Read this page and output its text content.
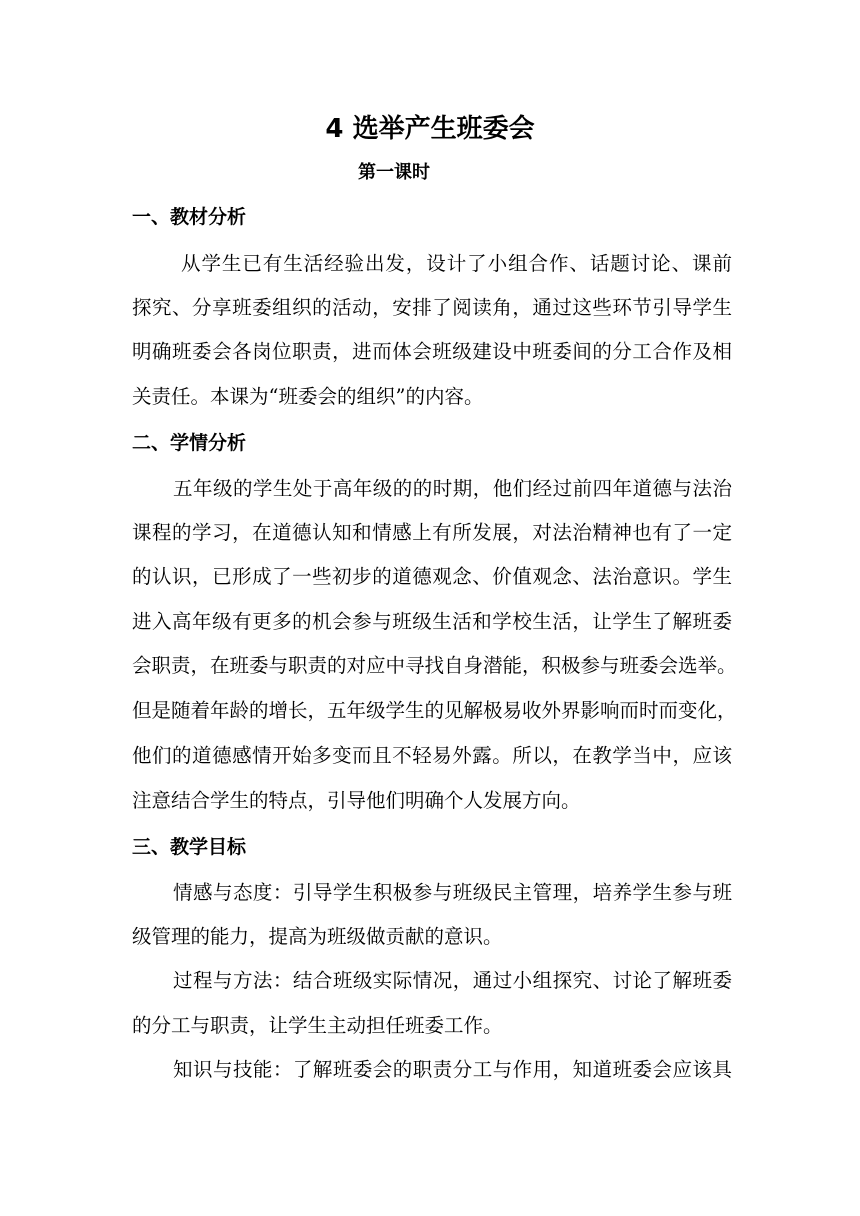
4 选举产生班委会
第一课时
一、教材分析
从学生已有生活经验出发，设计了小组合作、话题讨论、课前
探究、分享班委组织的活动，安排了阅读角，通过这些环节引导学生
明确班委会各岗位职责，进而体会班级建设中班委间的分工合作及相
关责任。本课为“班委会的组织”的内容。
二、学情分析
五年级的学生处于高年级的的时期，他们经过前四年道德与法治
课程的学习，在道德认知和情感上有所发展，对法治精神也有了一定
的认识，已形成了一些初步的道德观念、价值观念、法治意识。学生
进入高年级有更多的机会参与班级生活和学校生活，让学生了解班委
会职责，在班委与职责的对应中寻找自身潜能，积极参与班委会选举。
但是随着年龄的增长，五年级学生的见解极易收外界影响而时而变化，
他们的道德感情开始多变而且不轻易外露。所以，在教学当中，应该
注意结合学生的特点，引导他们明确个人发展方向。
三、教学目标
情感与态度：引导学生积极参与班级民主管理，培养学生参与班
级管理的能力，提高为班级做贡献的意识。
过程与方法：结合班级实际情况，通过小组探究、讨论了解班委
的分工与职责，让学生主动担任班委工作。
知识与技能：了解班委会的职责分工与作用，知道班委会应该具
